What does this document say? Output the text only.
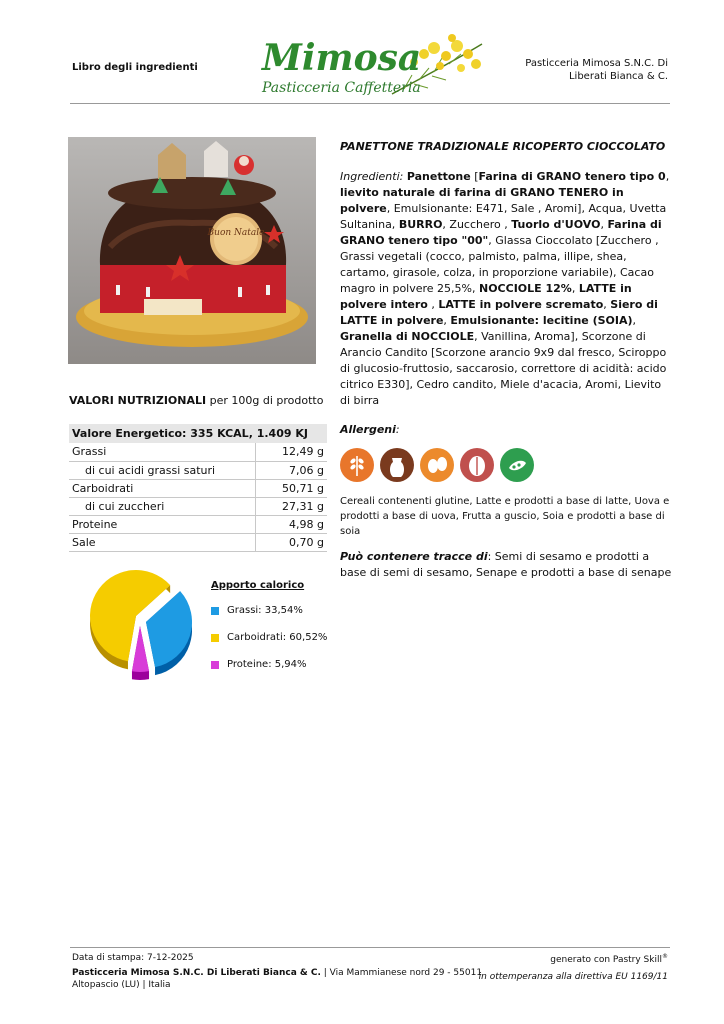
Libro degli ingredienti Mimosa
Pasticceria Caffetteria
Pasticceria Mimosa S.N.C. Di
Liberati Bianca & C.
Buon Natale
VALORI NUTRIZIONALI per 100g di prodotto
Valore Energetico: 335 KCAL, 1.409 KJ	
Grassi	12,49 g
di cui acidi grassi saturi	7,06 g
Carboidrati	50,71 g
di cui zuccheri	27,31 g
Proteine	4,98 g
Sale	0,70 g
Apporto calorico
Grassi: 33,54%
Carboidrati: 60,52%
Proteine: 5,94%
PANETTONE TRADIZIONALE RICOPERTO CIOCCOLATO
Ingredienti: Panettone [Farina di GRANO tenero tipo 0, lievito naturale di farina di GRANO TENERO in polvere, Emulsionante: E471, Sale , Aromi], Acqua, Uvetta Sultanina, BURRO, Zucchero , Tuorlo d'UOVO, Farina di GRANO tenero tipo "00", Glassa Cioccolato [Zucchero , Grassi vegetali (cocco, palmisto, palma, illipe, shea, cartamo, girasole, colza, in proporzione variabile), Cacao magro in polvere 25,5%, NOCCIOLE 12%, LATTE in polvere intero , LATTE in polvere scremato, Siero di LATTE in polvere, Emulsionante: lecitine (SOIA), Granella di NOCCIOLE, Vanillina, Aroma], Scorzone di Arancio Candito [Scorzone arancio 9x9 dal fresco, Sciroppo di glucosio-fruttosio, saccarosio, correttore di acidità: acido citrico E330], Cedro candito, Miele d'acacia, Aromi, Lievito di birra
Allergeni:
Cereali contenenti glutine, Latte e prodotti a base di latte, Uova e prodotti a base di uova, Frutta a guscio, Soia e prodotti a base di soia
Può contenere tracce di: Semi di sesamo e prodotti a base di semi di sesamo, Senape e prodotti a base di senape
Data di stampa: 7-12-2025	generato con Pastry Skill®
Pasticceria Mimosa S.N.C. Di Liberati Bianca & C. | Via Mammianese nord 29 - 55011
Altopascio (LU) | Italia
in ottemperanza alla direttiva EU 1169/11
